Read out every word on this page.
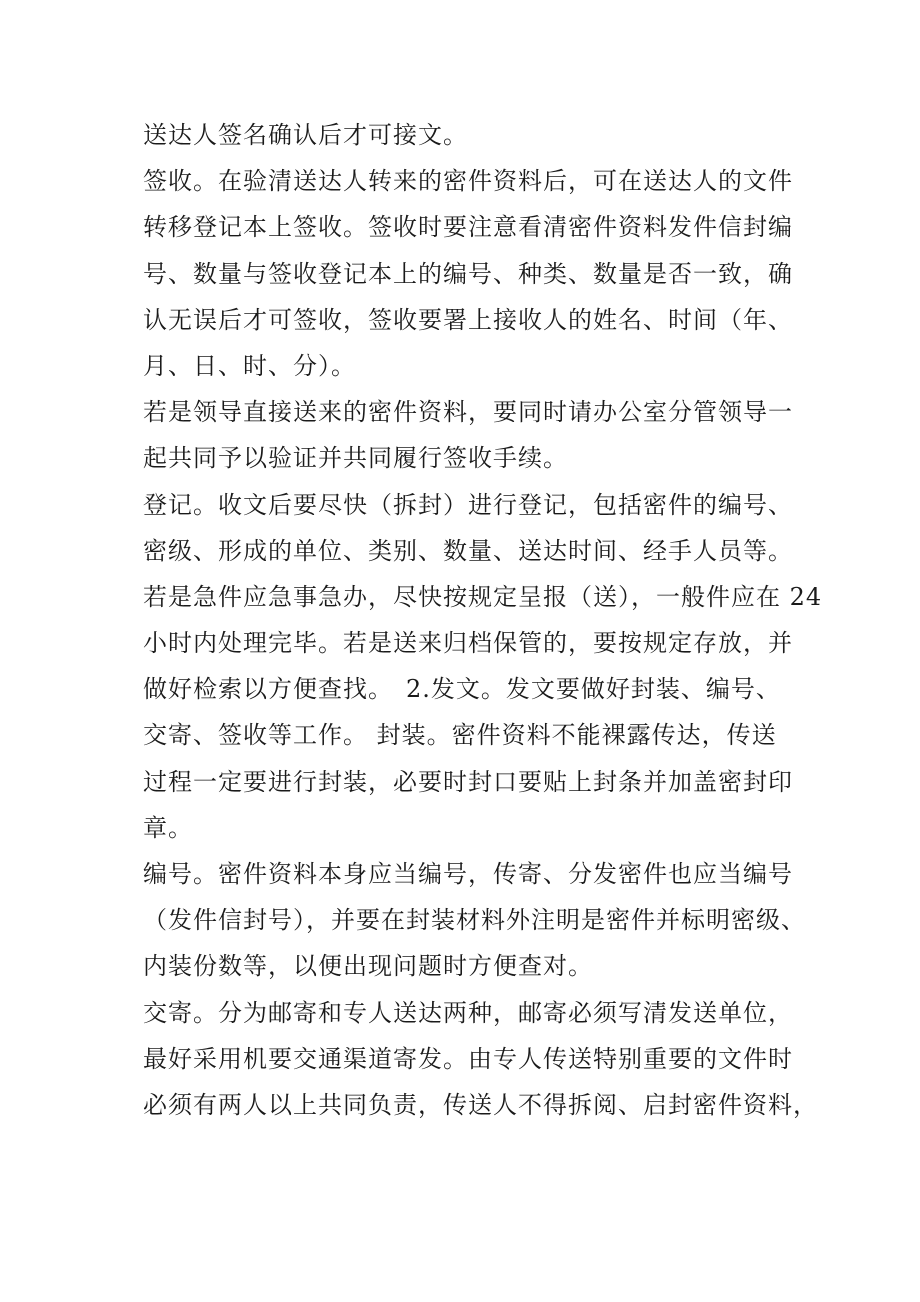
送达人签名确认后才可接文。
签收。在验清送达人转来的密件资料后，可在送达人的文件
转移登记本上签收。签收时要注意看清密件资料发件信封编
号、数量与签收登记本上的编号、种类、数量是否一致，确
认无误后才可签收，签收要署上接收人的姓名、时间（年、
月、日、时、分）。
若是领导直接送来的密件资料，要同时请办公室分管领导一
起共同予以验证并共同履行签收手续。
登记。收文后要尽快（拆封）进行登记，包括密件的编号、
密级、形成的单位、类别、数量、送达时间、经手人员等。
若是急件应急事急办，尽快按规定呈报（送），一般件应在 24
小时内处理完毕。若是送来归档保管的，要按规定存放，并
做好检索以方便查找。　2.发文。发文要做好封装、编号、
交寄、签收等工作。 封装。密件资料不能裸露传达，传送
过程一定要进行封装，必要时封口要贴上封条并加盖密封印
章。
编号。密件资料本身应当编号，传寄、分发密件也应当编号
（发件信封号），并要在封装材料外注明是密件并标明密级、
内装份数等，以便出现问题时方便查对。
交寄。分为邮寄和专人送达两种，邮寄必须写清发送单位，
最好采用机要交通渠道寄发。由专人传送特别重要的文件时
必须有两人以上共同负责，传送人不得拆阅、启封密件资料，
